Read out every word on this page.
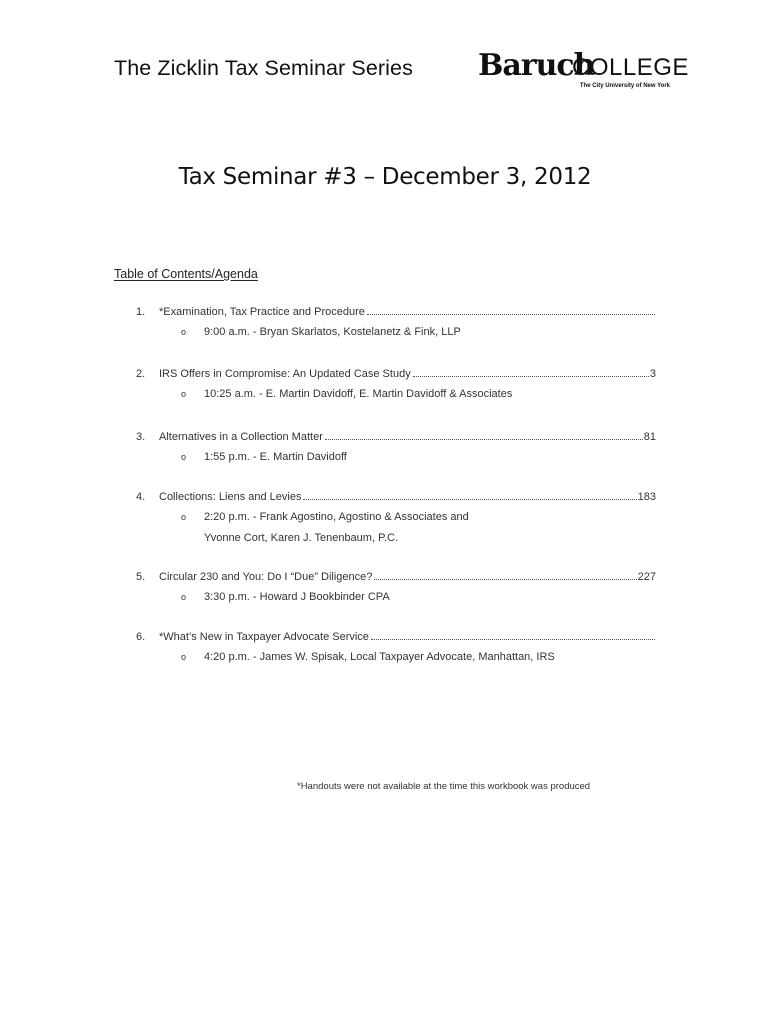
The Zicklin Tax Seminar Series Baruch
COLLEGE
The City University of New York
Tax Seminar #3 – December 3, 2012
Table of Contents/Agenda
1.	*Examination, Tax Practice and Procedure
o	9:00 a.m. - Bryan Skarlatos, Kostelanetz & Fink, LLP
2.	IRS Offers in Compromise: An Updated Case Study	3
o	10:25 a.m. - E. Martin Davidoff, E. Martin Davidoff & Associates
3.	Alternatives in a Collection Matter	81
o	1:55 p.m. - E. Martin Davidoff
4.	Collections: Liens and Levies	183
o	2:20 p.m. - Frank Agostino, Agostino & Associates and
Yvonne Cort, Karen J. Tenenbaum, P.C.
5.	Circular 230 and You: Do I “Due” Diligence?	227
o	3:30 p.m. - Howard J Bookbinder CPA
6.	*What’s New in Taxpayer Advocate Service
o	4:20 p.m. - James W. Spisak, Local Taxpayer Advocate, Manhattan, IRS
*Handouts were not available at the time this workbook was produced
